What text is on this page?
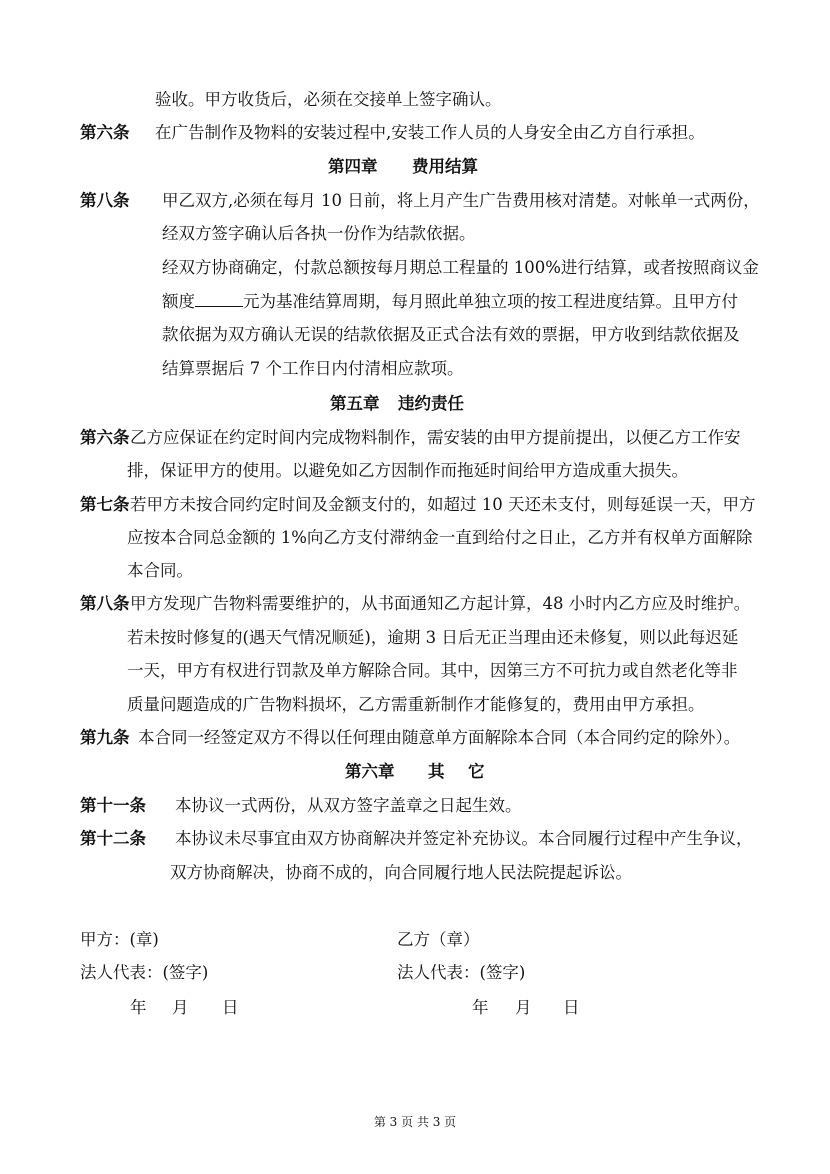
验收。甲方收货后，必须在交接单上签字确认。
第六条 在广告制作及物料的安装过程中,安装工作人员的人身安全由乙方自行承担。
第四章 费用结算
第八条 甲乙双方,必须在每月 10 日前，将上月产生广告费用核对清楚。对帐单一式两份，
经双方签字确认后各执一份作为结款依据。
经双方协商确定，付款总额按每月期总工程量的 100%进行结算，或者按照商议金
额度	元为基准结算周期，每月照此单独立项的按工程进度结算。且甲方付
款依据为双方确认无误的结款依据及正式合法有效的票据，甲方收到结款依据及
结算票据后 7 个工作日内付清相应款项。
第五章 违约责任
第六条 乙方应保证在约定时间内完成物料制作，需安装的由甲方提前提出，以便乙方工作安
排，保证甲方的使用。以避免如乙方因制作而拖延时间给甲方造成重大损失。
第七条 若甲方未按合同约定时间及金额支付的，如超过 10 天还未支付，则每延误一天，甲方
应按本合同总金额的 1%向乙方支付滞纳金一直到给付之日止，乙方并有权单方面解除
本合同。
第八条 甲方发现广告物料需要维护的，从书面通知乙方起计算，48 小时内乙方应及时维护。
若未按时修复的(遇天气情况顺延)，逾期 3 日后无正当理由还未修复，则以此每迟延
一天，甲方有权进行罚款及单方解除合同。其中，因第三方不可抗力或自然老化等非
质量问题造成的广告物料损坏，乙方需重新制作才能修复的，费用由甲方承担。
第九条 本合同一经签定双方不得以任何理由随意单方面解除本合同（本合同约定的除外）。
第六章 其 它
第十一条 本协议一式两份，从双方签字盖章之日起生效。
第十二条 本协议未尽事宜由双方协商解决并签定补充协议。本合同履行过程中产生争议，
双方协商解决，协商不成的，向合同履行地人民法院提起诉讼。
甲方：(章)
法人代表：(签字)
年 月 日
乙方（章）
法人代表：(签字)
年 月 日
第 3 页 共 3 页
